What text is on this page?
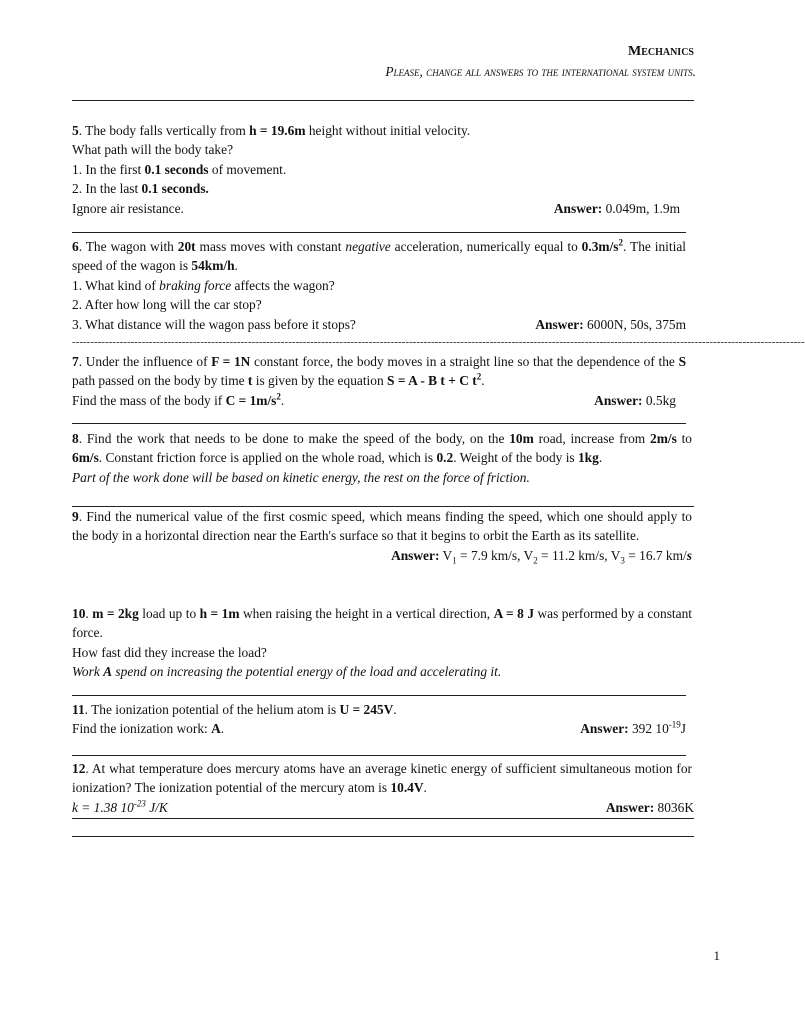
Mechanics
Please, change all answers to the international system units.

5. The body falls vertically from h = 19.6m height without initial velocity.

What path will the body take?

1. In the first 0.1 seconds of movement.

2. In the last 0.1 seconds.

Ignore air resistance.	Answer: 0.049m, 1.9m

6. The wagon with 20t mass moves with constant negative acceleration, numerically equal to $0.3m/s^2$. The initial speed of the wagon is 54km/h.

1. What kind of braking force affects the wagon?

2. After how long will the car stop?

3. What distance will the wagon pass before it stops?	Answer: 6000N, 50s, 375m
--------------------------------------------------------------------------------------------------------------------------------------------------------------------------------------------------------

7. Under the influence of F = 1N constant force, the body moves in a straight line so that the dependence of the S path passed on the body by time t is given by the equation S = A - B t + C $t^2$.

Find the mass of the body if $C = 1m/s^2$.	Answer: 0.5kg

8. Find the work that needs to be done to make the speed of the body, on the 10m road, increase from 2m/s to 6m/s. Constant friction force is applied on the whole road, which is 0.2. Weight of the body is 1kg.

Part of the work done will be based on kinetic energy, the rest on the force of friction.

9. Find the numerical value of the first cosmic speed, which means finding the speed, which one should apply to the body in a horizontal direction near the Earth's surface so that it begins to orbit the Earth as its satellite.

Answer: $V_1 = 7.9$ km/s, $V_2 = 11.2$ km/s, $V_3 = 16.7$ km/s

10. m = 2kg load up to h = 1m when raising the height in a vertical direction, A = 8 J was performed by a constant force.

How fast did they increase the load?

Work A spend on increasing the potential energy of the load and accelerating it.

11. The ionization potential of the helium atom is U = 245V.

Find the ionization work: A.	Answer: 392 $10^{-19}J$

12. At what temperature does mercury atoms have an average kinetic energy of sufficient simultaneous motion for ionization? The ionization potential of the mercury atom is 10.4V.

k = 1.38 $10^{-23}$ J/K	Answer: 8036K
1
